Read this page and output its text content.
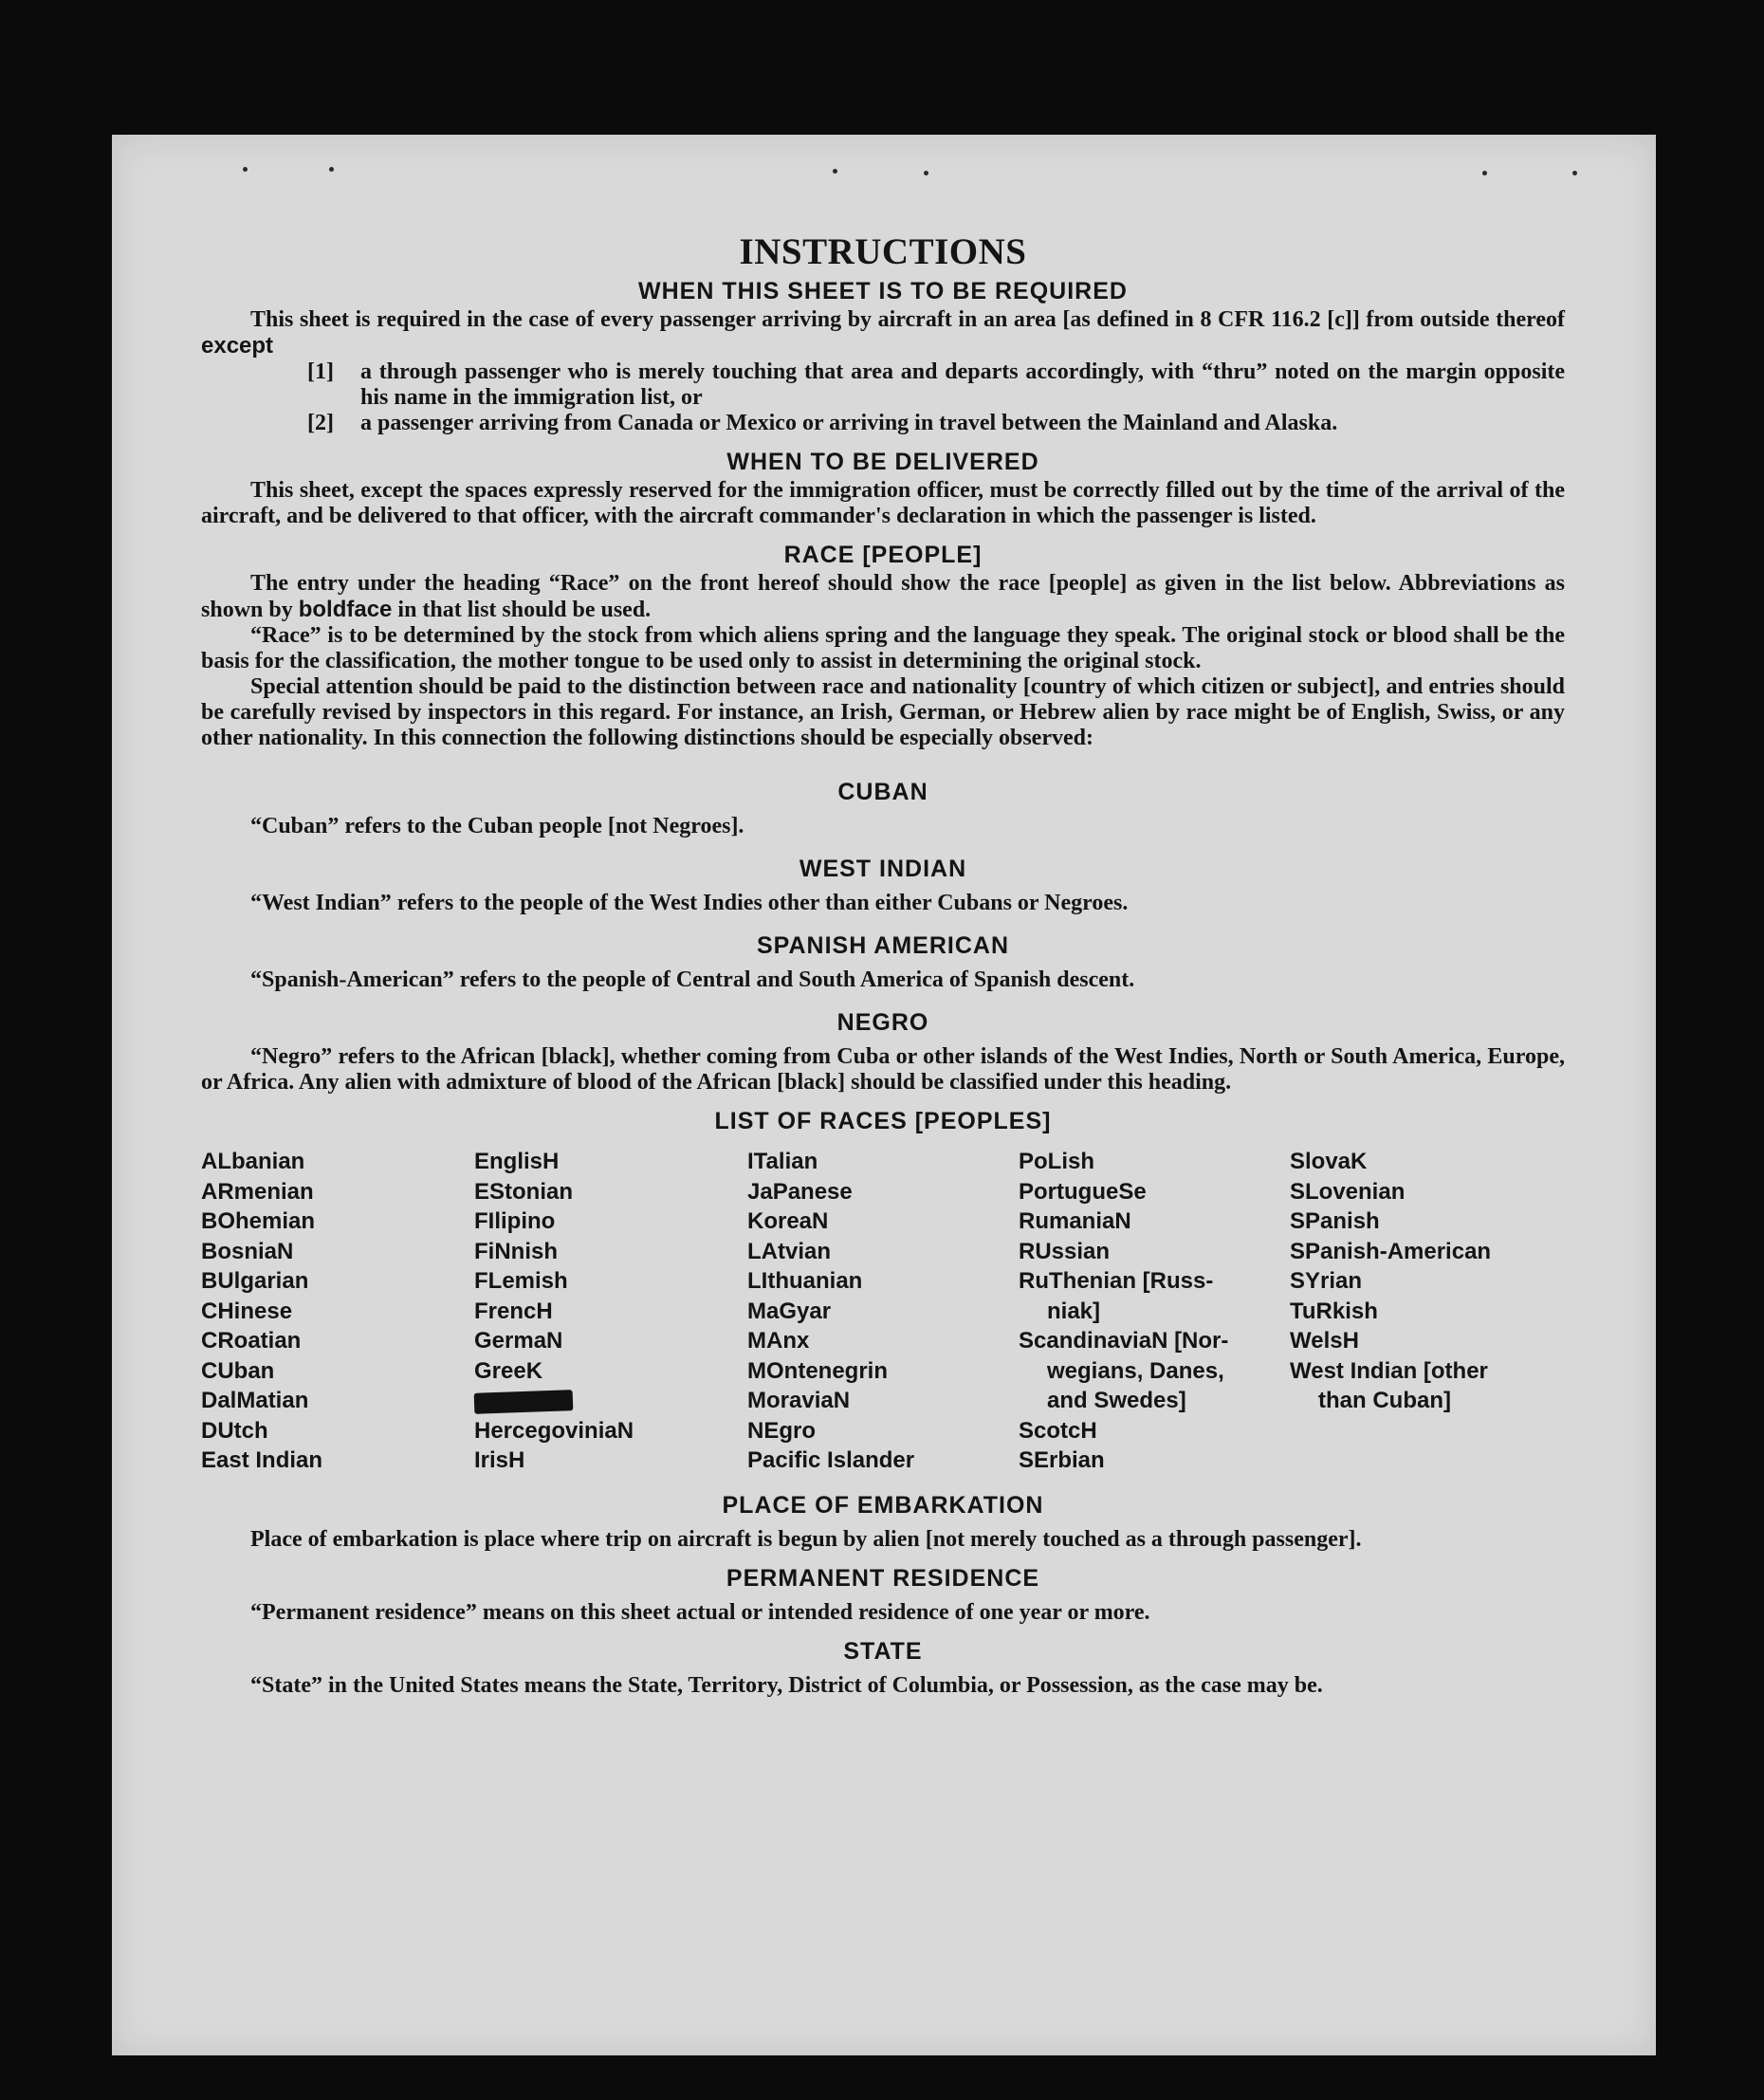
INSTRUCTIONS
WHEN THIS SHEET IS TO BE REQUIRED

This sheet is required in the case of every passenger arriving by aircraft in an area [as defined in 8 CFR 116.2 [c]] from outside thereof except

[1]	a through passenger who is merely touching that area and departs accordingly, with “thru” noted on the margin opposite his name in the immigration list, or
[2]	a passenger arriving from Canada or Mexico or arriving in travel between the Mainland and Alaska.
WHEN TO BE DELIVERED

This sheet, except the spaces expressly reserved for the immigration officer, must be correctly filled out by the time of the arrival of the aircraft, and be delivered to that officer, with the aircraft commander's declaration in which the passenger is listed.

RACE [PEOPLE]

The entry under the heading “Race” on the front hereof should show the race [people] as given in the list below. Abbreviations as shown by boldface in that list should be used.

“Race” is to be determined by the stock from which aliens spring and the language they speak. The original stock or blood shall be the basis for the classification, the mother tongue to be used only to assist in determining the original stock.

Special attention should be paid to the distinction between race and nationality [country of which citizen or subject], and entries should be carefully revised by inspectors in this regard. For instance, an Irish, German, or Hebrew alien by race might be of English, Swiss, or any other nationality. In this connection the following distinctions should be especially observed:

CUBAN

“Cuban” refers to the Cuban people [not Negroes].

WEST INDIAN

“West Indian” refers to the people of the West Indies other than either Cubans or Negroes.

SPANISH AMERICAN

“Spanish-American” refers to the people of Central and South America of Spanish descent.

NEGRO

“Negro” refers to the African [black], whether coming from Cuba or other islands of the West Indies, North or South America, Europe, or Africa. Any alien with admixture of blood of the African [black] should be classified under this heading.

LIST OF RACES [PEOPLES]
ALbanian
ARmenian
BOhemian
BosniaN
BUlgarian
CHinese
CRoatian
CUban
DalMatian
DUtch
East Indian
EnglisH
EStonian
FIlipino
FiNnish
FLemish
FrencH
GermaN
GreeK
HercegoviniaN
IrisH
ITalian
JaPanese
KoreaN
LAtvian
LIthuanian
MaGyar
MAnx
MOntenegrin
MoraviaN
NEgro
Pacific Islander
PoLish
PortugueSe
RumaniaN
RUssian
RuThenian [Russ-
niak]
ScandinaviaN [Nor-
wegians, Danes,
and Swedes]
ScotcH
SErbian
SlovaK
SLovenian
SPanish
SPanish-American
SYrian
TuRkish
WelsH
West Indian [other
than Cuban]
PLACE OF EMBARKATION

Place of embarkation is place where trip on aircraft is begun by alien [not merely touched as a through passenger].

PERMANENT RESIDENCE

“Permanent residence” means on this sheet actual or intended residence of one year or more.

STATE

“State” in the United States means the State, Territory, District of Columbia, or Possession, as the case may be.
